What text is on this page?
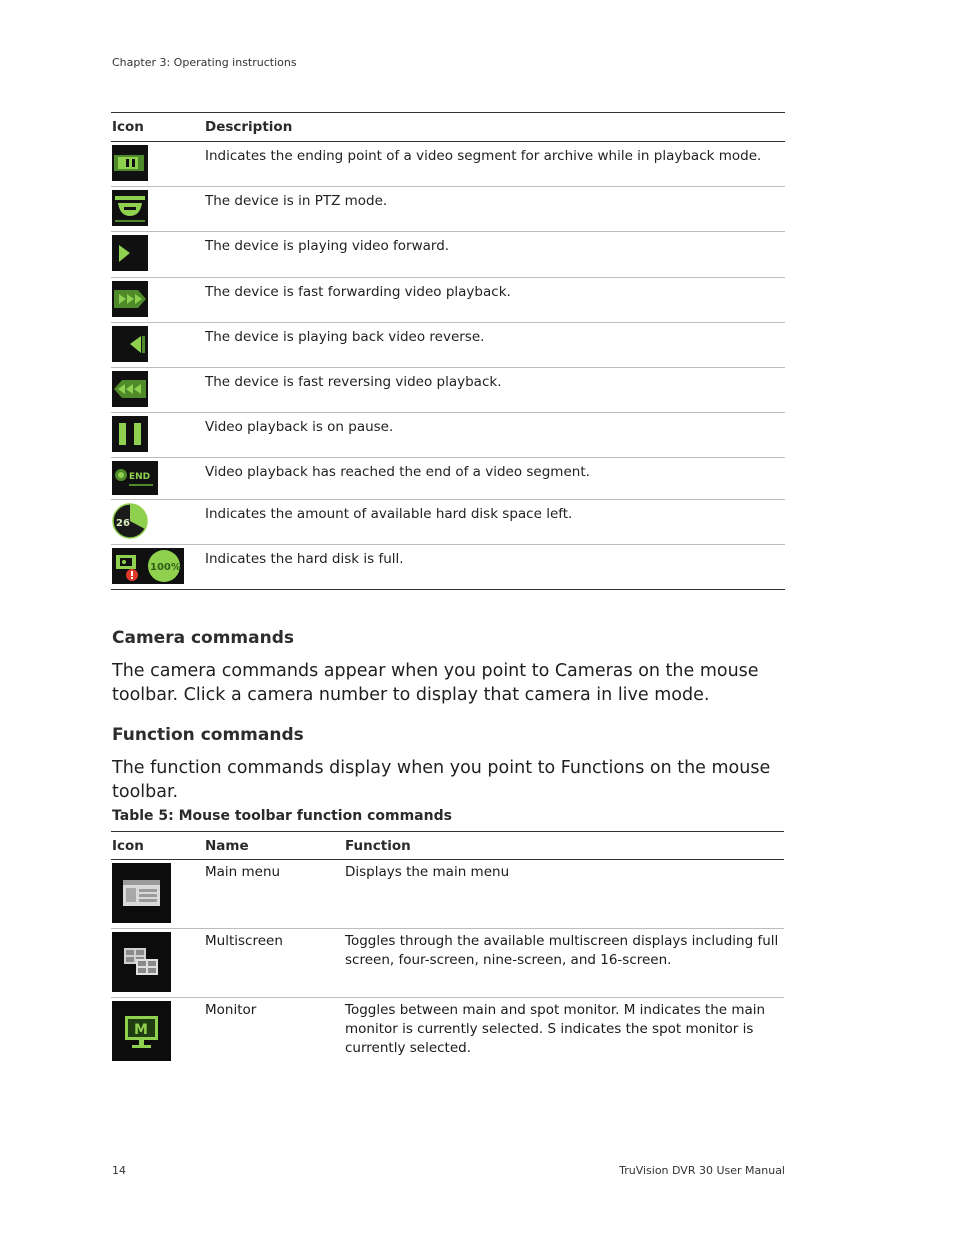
Chapter 3: Operating instructions
Icon	Description

	Indicates the ending point of a video segment for archive while in playback mode.

	The device is in PTZ mode.

	The device is playing video forward.

	The device is fast forwarding video playback.

	The device is playing back video reverse.

	The device is fast reversing video playback.

	Video playback is on pause.

END	Video playback has reached the end of a video segment.

26	Indicates the amount of available hard disk space left.

100%	Indicates the hard disk is full.
Camera commands

The camera commands appear when you point to Cameras on the mouse toolbar. Click a camera number to display that camera in live mode.

Function commands

The function commands display when you point to Functions on the mouse toolbar.

Table 5: Mouse toolbar function commands
Icon	Name	Function

	Main menu	Displays the main menu

	Multiscreen	Toggles through the available multiscreen displays including full screen, four-screen, nine-screen, and 16-screen.

M	Monitor	Toggles between main and spot monitor. M indicates the main monitor is currently selected. S indicates the spot monitor is currently selected.
14	TruVision DVR 30 User Manual
